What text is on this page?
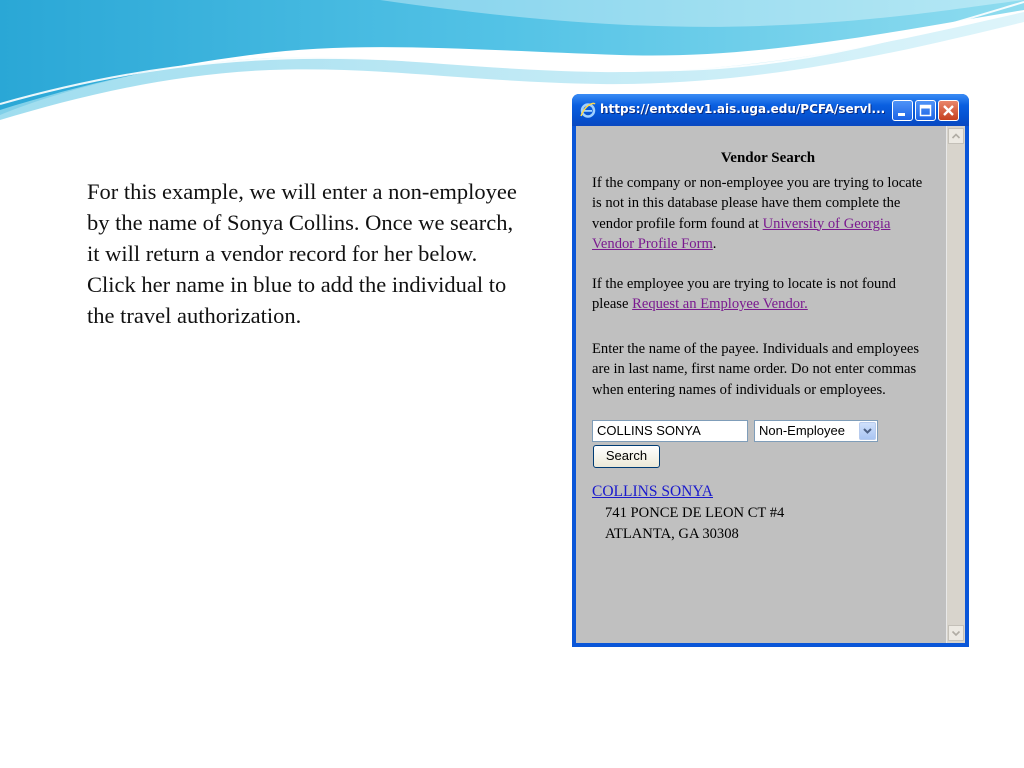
For this example, we will enter a non-employee by the name of Sonya Collins. Once we search, it will return a vendor record for her below. Click her name in blue to add the individual to the travel authorization.
https://entxdev1.ais.uga.edu/PCFA/servl...
Vendor Search
If the company or non-employee you are trying to locate is not in this database please have them complete the vendor profile form found at University of Georgia Vendor Profile Form.
If the employee you are trying to locate is not found please Request an Employee Vendor.
Enter the name of the payee. Individuals and employees are in last name, first name order. Do not enter commas when entering names of individuals or employees.
COLLINS SONYA	Non-Employee
Search
COLLINS SONYA
741 PONCE DE LEON CT #4
ATLANTA, GA 30308
